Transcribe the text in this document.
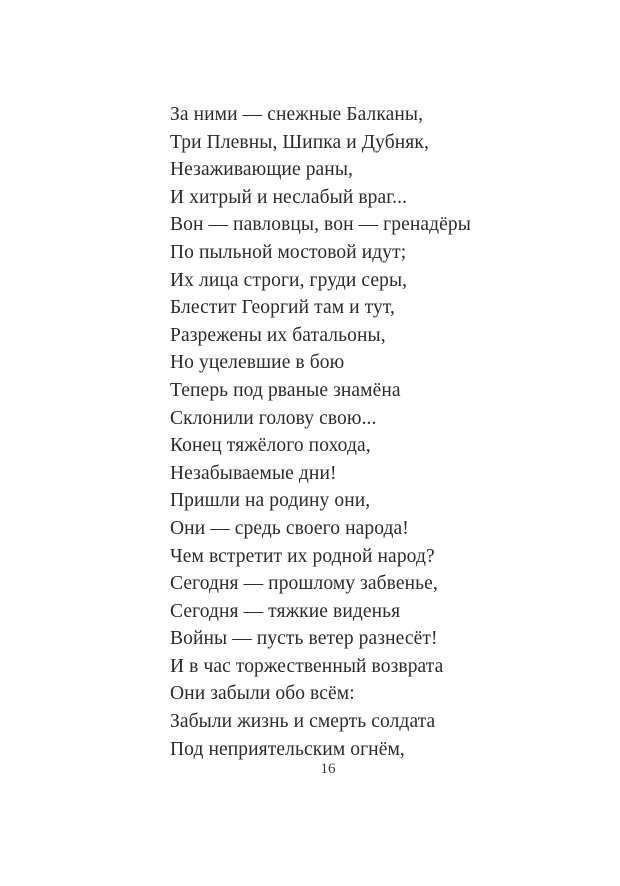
За ними — снежные Балканы,
Три Плевны, Шипка и Дубняк,
Незаживающие раны,
И хитрый и неслабый враг...
Вон — павловцы, вон — гренадёры
По пыльной мостовой идут;
Их лица строги, груди серы,
Блестит Георгий там и тут,
Разрежены их батальоны,
Но уцелевшие в бою
Теперь под рваные знамёна
Склонили голову свою...
Конец тяжёлого похода,
Незабываемые дни!
Пришли на родину они,
Они — средь своего народа!
Чем встретит их родной народ?
Сегодня — прошлому забвенье,
Сегодня — тяжкие виденья
Войны — пусть ветер разнесёт!
И в час торжественный возврата
Они забыли обо всём:
Забыли жизнь и смерть солдата
Под неприятельским огнём,
16
